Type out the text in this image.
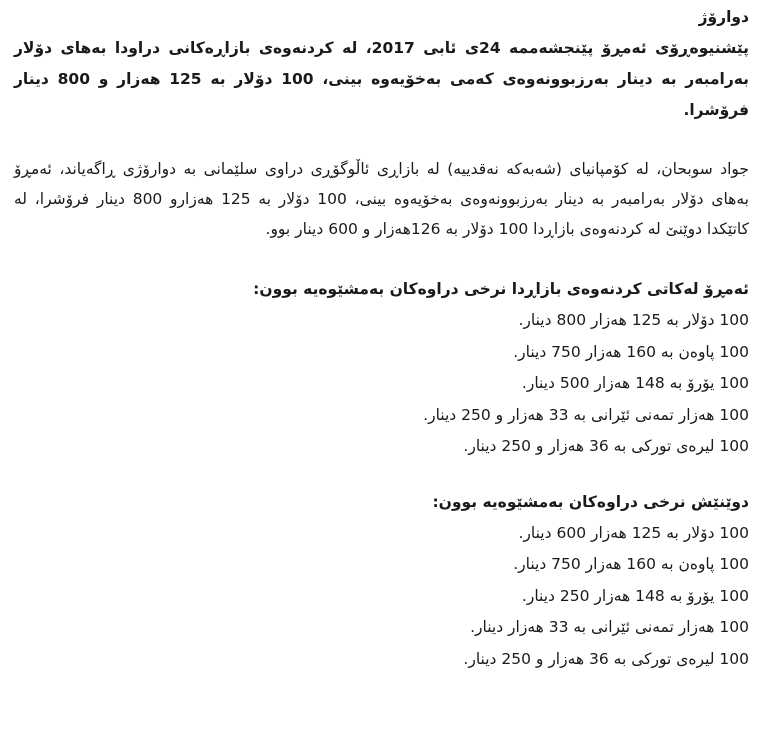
دوارۆژ

پێشنیوەڕۆی ئەمڕۆ پێنجشەممە 24ی ئابی 2017، لە کردنەوەی بازاڕەکانی دراودا بەهای دۆلار بەرامبەر بە دینار بەرزبوونەوەی کەمی بەخۆیەوە بینی، 100 دۆلار بە 125 هەزار و 800 دینار فرۆشرا.

جواد سوبحان، لە کۆمپانیای (شەبەکە نەقدییە) لە بازاڕی ئاڵوگۆڕی دراوی سلێمانی بە دوارۆژی ڕاگەیاند، ئەمڕۆ بەهای دۆلار بەرامبەر بە دینار بەرزبوونەوەی بەخۆیەوە بینی، 100 دۆلار بە 125 هەزارو 800 دینار فرۆشرا، لە کاتێکدا دوێنێ لە کردنەوەی بازاڕدا 100 دۆلار بە 126هەزار و 600 دینار بوو.

ئەمڕۆ لەکاتی کردنەوەی بازاڕدا نرخی دراوەکان بەمشێوەیە بوون:

100 دۆلار بە 125 هەزار 800 دینار.
100 پاوەن بە 160 هەزار 750 دینار.
100 یۆرۆ بە 148 هەزار 500 دینار.
100 هەزار تمەنی ئێرانی بە 33 هەزار و 250 دینار.
100 لیرەی تورکی بە 36 هەزار و 250 دینار.

دوێنێش نرخی دراوەکان بەمشێوەیە بوون:

100 دۆلار بە 125 هەزار 600 دینار.
100 پاوەن بە 160 هەزار 750 دینار.
100 یۆرۆ بە 148 هەزار 250 دینار.
100 هەزار تمەنی ئێرانی بە 33 هەزار دینار.
100 لیرەی تورکی بە 36 هەزار و 250 دینار.
